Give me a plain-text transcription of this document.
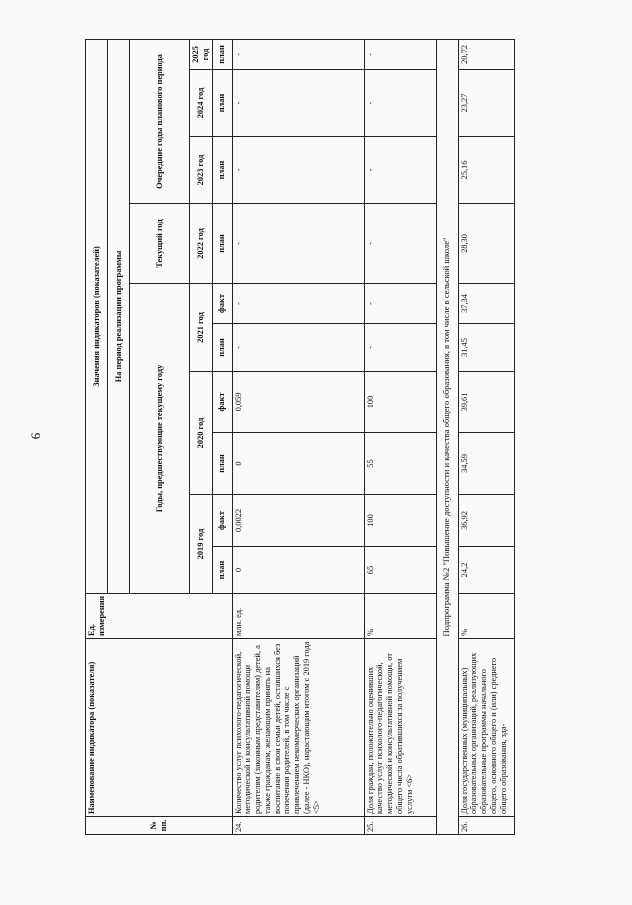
9
№ пп.	Наименование индикатора (показателя)	Ед. измерения	Значения индикаторов (показателей)									
			На период реализации программы									
			Годы, предшествующие текущему году						Текущий год	Очередние годы планового периода		
			2019 год		2020 год		2021 год		2022 год	2023 год	2024 год	2025 год
			план	факт	план	факт	план	факт	план	план	план	план
24.	Количество услуг психолого-педагогической, методической и консультативной помощи родителям (законным представителям) детей, а также гражданам, желающим принять на воспитание в свои семьи детей, оставшихся без попечения родителей, в том числе с привлечением некоммерческих организаций (далее - НКО), нарастающим итогом с 2019 года <5>	млн. ед.	0	0,0022	0	0,059	-	-	-	-	-	-
25.	Доля граждан, положительно оценивших качество услуг психолого-педагогической, методической и консультативной помощи, от общего числа обратившихся за получением услуги <6>	%	65	100	55	100	-	-	-	-	-	-
Подпрограмма №2 "Повышение доступности и качества общего образования, в том числе в сельской школе"												
26.	Доля государственных (муниципальных) образовательных организаций, реализующих образовательные программы начального общего, основного общего и (или) среднего общего образования, зда-	%	24,2	36,92	34,59	39,61	31,45	37,34	28,30	25,16	23,27	20,72
